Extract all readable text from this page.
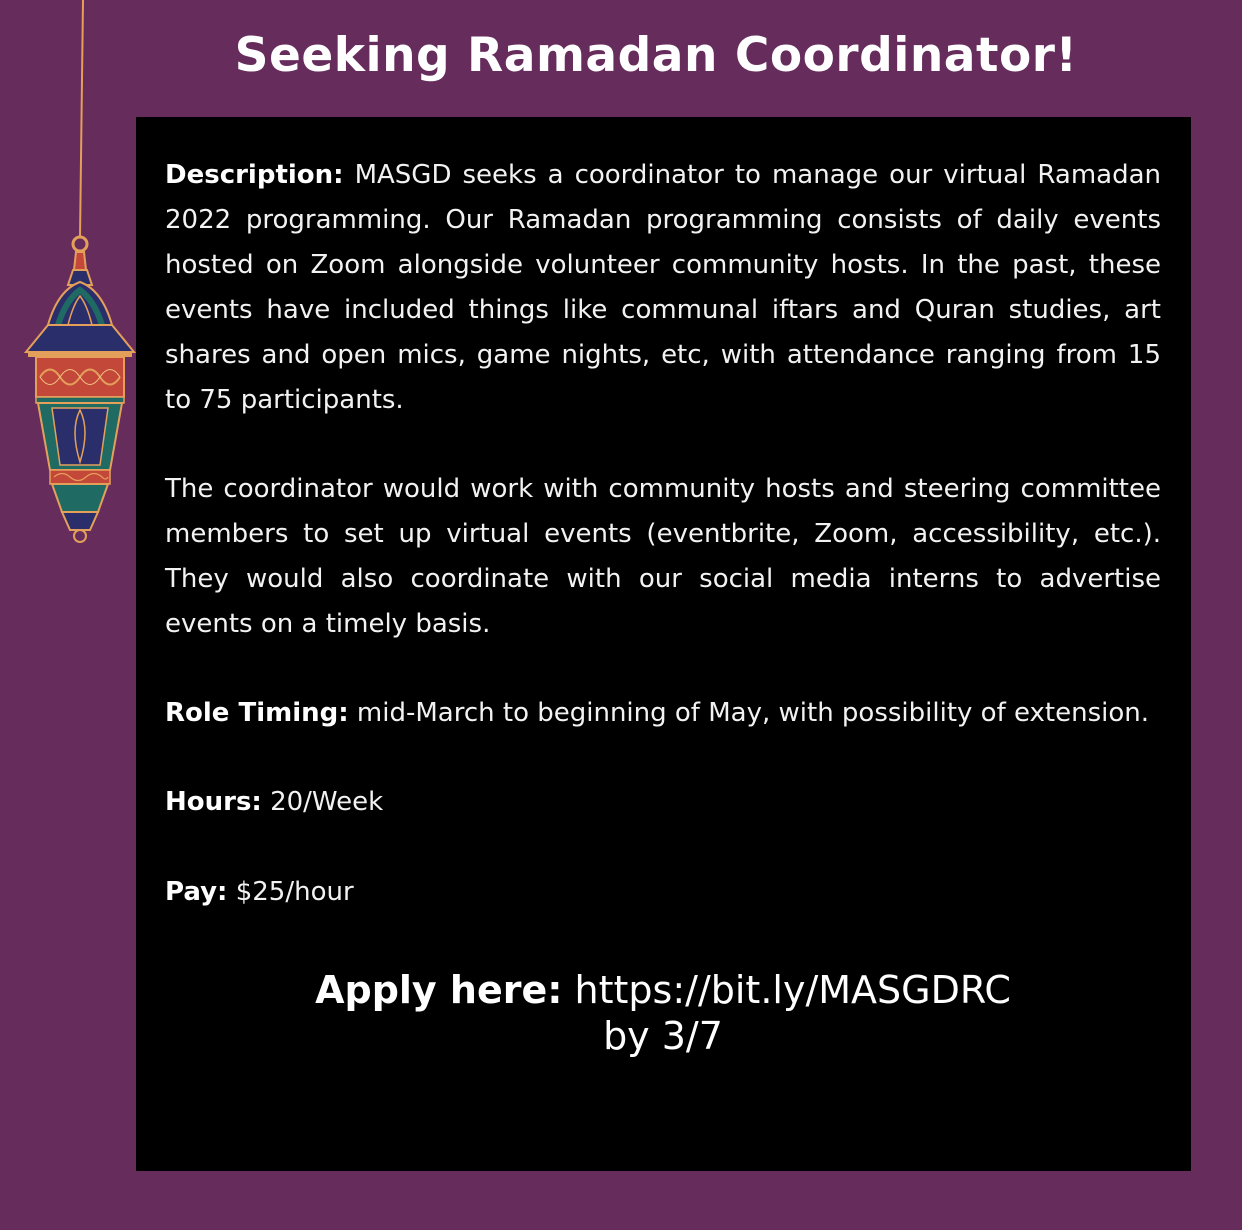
Seeking Ramadan Coordinator!

Description: MASGD seeks a coordinator to manage our virtual Ramadan 2022 programming. Our Ramadan programming consists of daily events hosted on Zoom alongside volunteer community hosts. In the past, these events have included things like communal iftars and Quran studies, art shares and open mics, game nights, etc, with attendance ranging from 15 to 75 participants.

The coordinator would work with community hosts and steering committee members to set up virtual events (eventbrite, Zoom, accessibility, etc.). They would also coordinate with our social media interns to advertise events on a timely basis.

Role Timing: mid-March to beginning of May, with possibility of extension.

Hours: 20/Week

Pay: $25/hour

Apply here: https://bit.ly/MASGDRC
by 3/7
